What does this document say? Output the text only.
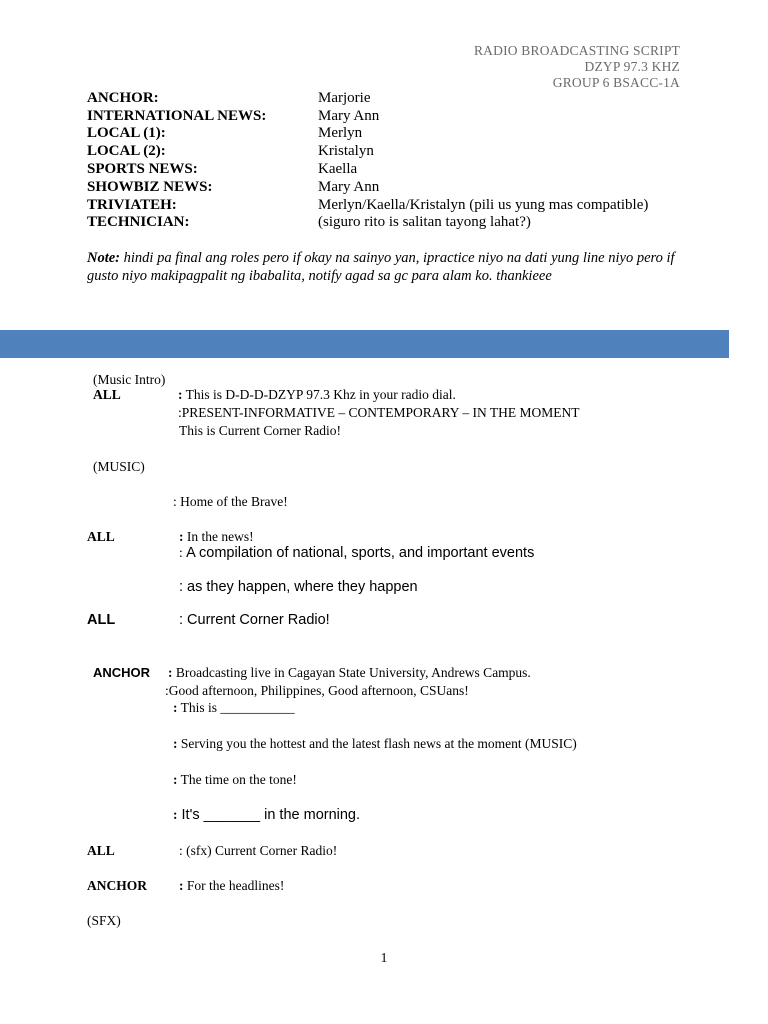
RADIO BROADCASTING SCRIPT
DZYP 97.3 KHZ
GROUP 6 BSACC-1A
ANCHOR:	Marjorie
INTERNATIONAL NEWS:	Mary Ann
LOCAL (1):	Merlyn
LOCAL (2):	Kristalyn
SPORTS NEWS:	Kaella
SHOWBIZ NEWS:	Mary Ann
TRIVIATEH:	Merlyn/Kaella/Kristalyn (pili us yung mas compatible)
TECHNICIAN:	(siguro rito is salitan tayong lahat?)
Note: hindi pa final ang roles pero if okay na sainyo yan, ipractice niyo na dati yung line niyo pero if gusto niyo makipagpalit ng ibabalita, notify agad sa gc para alam ko. thankieee
(Music Intro)
ALL	: This is D-D-D-DZYP 97.3 Khz in your radio dial.
:PRESENT-INFORMATIVE – CONTEMPORARY – IN THE MOMENT
This is Current Corner Radio!
(MUSIC)
: Home of the Brave!
ALL	: In the news!
: A compilation of national, sports, and important events
: as they happen, where they happen
ALL	: Current Corner Radio!
ANCHOR : Broadcasting live in Cagayan State University, Andrews Campus.
:Good afternoon, Philippines, Good afternoon, CSUans!
: This is ___________
: Serving you the hottest and the latest flash news at the moment (MUSIC)
: The time on the tone!
: It's _______ in the morning.
ALL	: (sfx) Current Corner Radio!
ANCHOR : For the headlines!
(SFX)
1
